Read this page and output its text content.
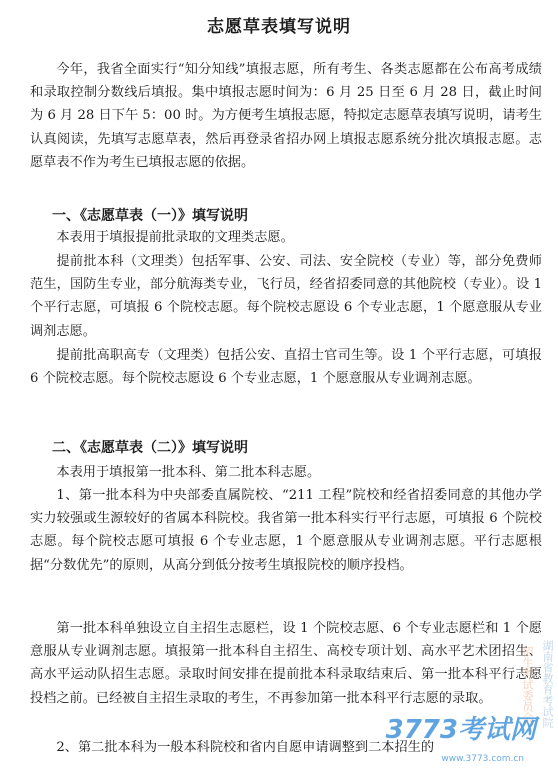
志愿草表填写说明

今年，我省全面实行“知分知线”填报志愿，所有考生、各类志愿都在公布高考成绩和录取控制分数线后填报。集中填报志愿时间为：6 月 25 日至 6 月 28 日，截止时间为 6 月 28 日下午 5：00 时。为方便考生填报志愿，特拟定志愿草表填写说明，请考生认真阅读，先填写志愿草表，然后再登录省招办网上填报志愿系统分批次填报志愿。志愿草表不作为考生已填报志愿的依据。

一、《志愿草表（一）》填写说明

本表用于填报提前批录取的文理类志愿。

提前批本科（文理类）包括军事、公安、司法、安全院校（专业）等，部分免费师范生，国防生专业，部分航海类专业，飞行员，经省招委同意的其他院校（专业）。设 1 个平行志愿，可填报 6 个院校志愿。每个院校志愿设 6 个专业志愿，1 个愿意服从专业调剂志愿。

提前批高职高专（文理类）包括公安、直招士官司生等。设 1 个平行志愿，可填报 6 个院校志愿。每个院校志愿设 6 个专业志愿，1 个愿意服从专业调剂志愿。

二、《志愿草表（二）》填写说明

本表用于填报第一批本科、第二批本科志愿。

1、第一批本科为中央部委直属院校、“211 工程”院校和经省招委同意的其他办学实力较强或生源较好的省属本科院校。我省第一批本科实行平行志愿，可填报 6 个院校志愿。每个院校志愿可填报 6 个专业志愿，1 个愿意服从专业调剂志愿。平行志愿根据“分数优先”的原则，从高分到低分按考生填报院校的顺序投档。

第一批本科单独设立自主招生志愿栏，设 1 个院校志愿、6 个专业志愿栏和 1 个愿意服从专业调剂志愿。填报第一批本科自主招生、高校专项计划、高水平艺术团招生、高水平运动队招生志愿。录取时间安排在提前批本科录取结束后、第一批本科平行志愿投档之前。已经被自主招生录取的考生，不再参加第一批本科平行志愿的录取。

2、第二批本科为一般本科院校和省内自愿申请调整到二本招生的

湖南省教育考试院
招生考试委员会
3773考试网
www.3773.com.cn
